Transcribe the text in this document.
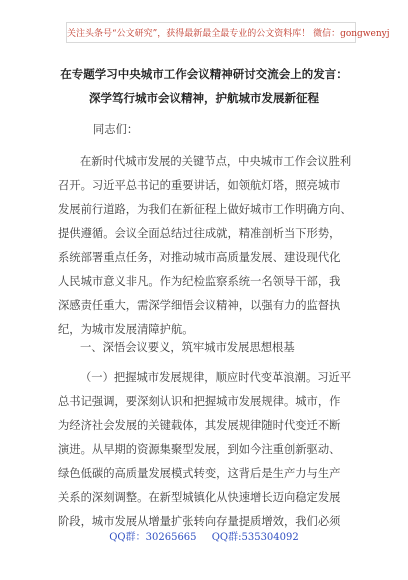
关注头条号“公文研究”，获得最新最全最专业的公文资料库！ 微信：gongwenyj
在专题学习中央城市工作会议精神研讨交流会上的发言：
深学笃行城市会议精神，护航城市发展新征程
同志们：
在新时代城市发展的关键节点，中央城市工作会议胜利
召开。习近平总书记的重要讲话，如领航灯塔，照亮城市
发展前行道路，为我们在新征程上做好城市工作明确方向、
提供遵循。会议全面总结过往成就，精准剖析当下形势，
系统部署重点任务，对推动城市高质量发展、建设现代化
人民城市意义非凡。作为纪检监察系统一名领导干部，我
深感责任重大，需深学细悟会议精神，以强有力的监督执
纪，为城市发展清障护航。
一、深悟会议要义，筑牢城市发展思想根基
（一）把握城市发展规律，顺应时代变革浪潮。习近平
总书记强调，要深刻认识和把握城市发展规律。城市，作
为经济社会发展的关键载体，其发展规律随时代变迁不断
演进。从早期的资源集聚型发展，到如今注重创新驱动、
绿色低碳的高质量发展模式转变，这背后是生产力与生产
关系的深刻调整。在新型城镇化从快速增长迈向稳定发展
阶段，城市发展从增量扩张转向存量提质增效，我们必须
QQ群：30265665 QQ群:535304092
